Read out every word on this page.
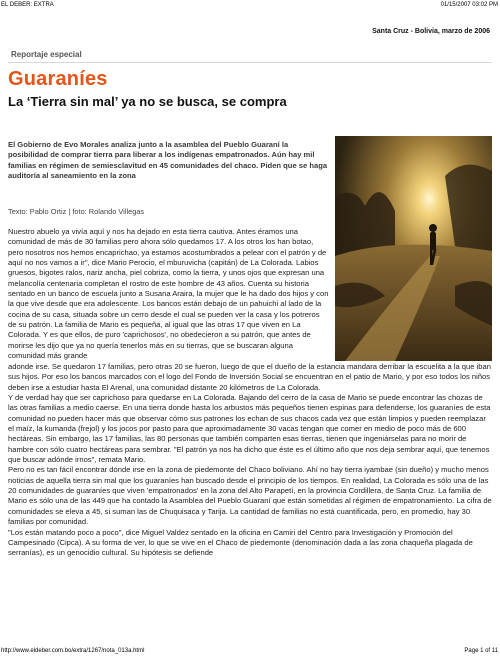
EL DEBER: EXTRA	01/15/2007 03:02 PM
Santa Cruz - Bolivia, marzo de 2006
Reportaje especial
Guaraníes
La ‘Tierra sin mal’ ya no se busca, se compra
El Gobierno de Evo Morales analiza junto a la asamblea del Pueblo Guaraní la posibilidad de comprar tierra para liberar a los indígenas empatronados. Aún hay mil familias en régimen de semiesclavitud en 45 comunidades del chaco. Piden que se haga auditoría al saneamiento en la zona
Texto: Pablo Ortiz | foto: Rolando Villegas

Nuestro abuelo ya vivía aquí y nos ha dejado en esta tierra cautiva. Antes éramos una comunidad de más de 30 familias pero ahora sólo quedamos 17. A los otros los han botao, pero nosotros nos hemos encaprichao, ya estamos acostumbrados a pelear con el patrón y de aquí no nos vamos a ir", dice Mario Perocio, el mburuvicha (capitán) de La Colorada. Labios gruesos, bigotes ralos, nariz ancha, piel cobriza, como la tierra, y unos ojos que expresan una melancolía centenaria completan el rostro de este hombre de 43 años. Cuenta su historia sentado en un banco de escuela junto a Susana Araira, la mujer que le ha dado dos hijos y con la que vive desde que era adolescente. Los bancos están debajo de un pahuichi al lado de la cocina de su casa, situada sobre un cerro desde el cual se pueden ver la casa y los potreros de su patrón. La familia de Mario es pequeña, al igual que las otras 17 que viven en La Colorada. Y es que ellos, de puro 'caprichosos', no obedecieron a su patrón, que antes de morirse les dijo que ya no quería tenerlos más en su tierras, que se buscaran alguna comunidad más grande

adonde irse. Se quedaron 17 familias, pero otras 20 se fueron, luego de que el dueño de la estancia mandara derribar la escuelita a la que iban sus hijos. Por eso los bancos marcados con el logo del Fondo de Inversión Social se encuentran en el patio de Mario, y por eso todos los niños deben irse a estudiar hasta El Arenal, una comunidad distante 20 kilómetros de La Colorada.

Y de verdad hay que ser caprichoso para quedarse en La Colorada. Bajando del cerro de la casa de Mario se puede encontrar las chozas de las otras familias a medio caerse. En una tierra donde hasta los arbustos más pequeños tienen espinas para defenderse, los guaraníes de esta comunidad no pueden hacer más que observar cómo sus patrones los echan de sus chacos cada vez que están limpios y pueden reemplazar el maíz, la kumanda (frejol) y los jocos por pasto para que aproximadamente 30 vacas tengan que comer en medio de poco más de 600 hectáreas. Sin embargo, las 17 familias, las 80 personas que también comparten esas tierras, tienen que ingeniárselas para no morir de hambre con sólo cuatro hectáreas para sembrar. "El patrón ya nos ha dicho que éste es el último año que nos deja sembrar aquí, que tenemos que buscar adónde irnos", remata Mario.

Pero no es tan fácil encontrar dónde irse en la zona de piedemonte del Chaco boliviano. Ahí no hay tierra iyambae (sin dueño) y mucho menos noticias de aquella tierra sin mal que los guaraníes han buscado desde el principio de los tiempos. En realidad, La Colorada es sólo una de las 20 comunidades de guaraníes que viven 'empatronados' en la zona del Alto Parapetí, en la provincia Cordillera, de Santa Cruz. La familia de Mario es sólo una de las 449 que ha contado la Asamblea del Pueblo Guaraní que están sometidas al régimen de empatronamiento. La cifra de comunidades se eleva a 45, si suman las de Chuquisaca y Tarija. La cantidad de familias no está cuantificada, pero, en promedio, hay 30 familias por comunidad.

"Los están matando poco a poco", dice Miguel Valdez sentado en la oficina en Camiri del Centro para Investigación y Promoción del Campesinado (Cipca). A su forma de ver, lo que se vive en el Chaco de piedemonte (denominación dada a las zona chaqueña plagada de serranías), es un genocidio cultural. Su hipótesis se defiende

http://www.eldeber.com.bo/extra/1267/nota_013a.html	Page 1 of 11
